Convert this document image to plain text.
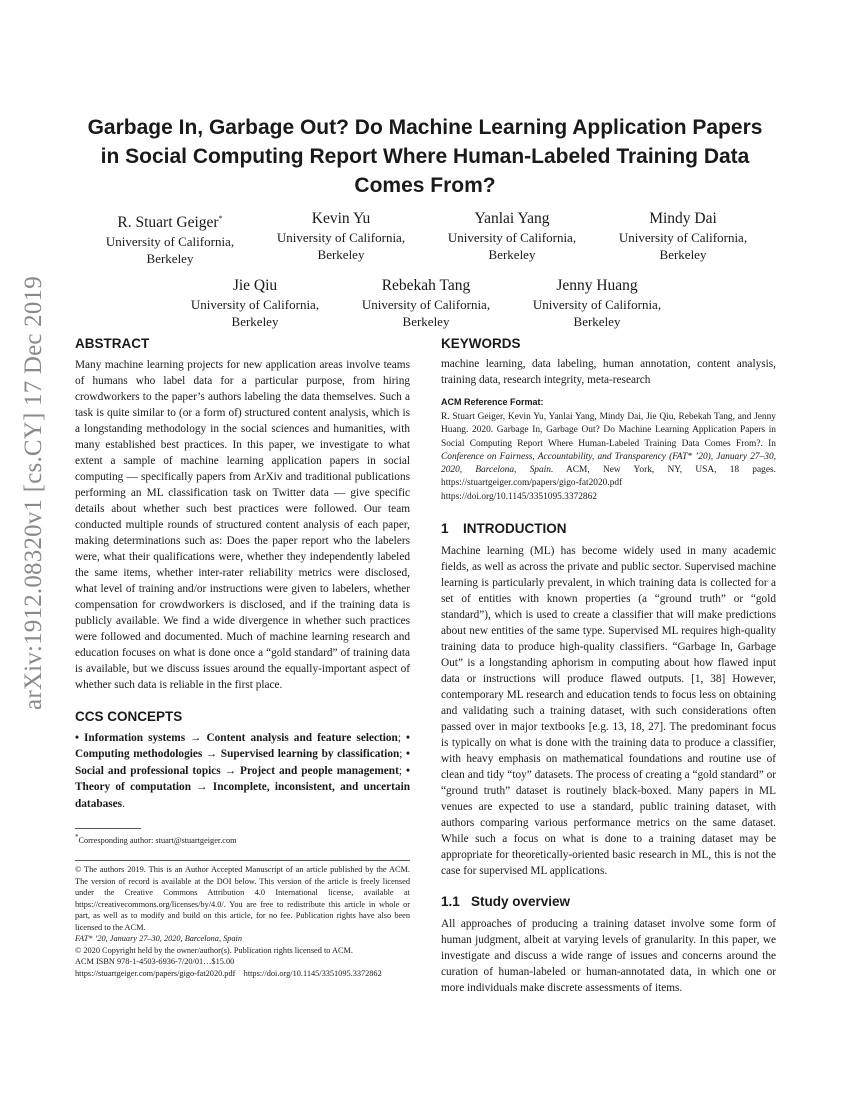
arXiv:1912.08320v1 [cs.CY] 17 Dec 2019
Garbage In, Garbage Out? Do Machine Learning Application Papers in Social Computing Report Where Human-Labeled Training Data Comes From?
R. Stuart Geiger*
University of California, Berkeley
Kevin Yu
University of California, Berkeley
Yanlai Yang
University of California, Berkeley
Mindy Dai
University of California, Berkeley
Jie Qiu
University of California, Berkeley
Rebekah Tang
University of California, Berkeley
Jenny Huang
University of California, Berkeley
ABSTRACT

Many machine learning projects for new application areas involve teams of humans who label data for a particular purpose, from hiring crowdworkers to the paper’s authors labeling the data themselves. Such a task is quite similar to (or a form of) structured content analysis, which is a longstanding methodology in the social sciences and humanities, with many established best practices. In this paper, we investigate to what extent a sample of machine learning application papers in social computing — specifically papers from ArXiv and traditional publications performing an ML classification task on Twitter data — give specific details about whether such best practices were followed. Our team conducted multiple rounds of structured content analysis of each paper, making determinations such as: Does the paper report who the labelers were, what their qualifications were, whether they independently labeled the same items, whether inter-rater reliability metrics were disclosed, what level of training and/or instructions were given to labelers, whether compensation for crowdworkers is disclosed, and if the training data is publicly available. We find a wide divergence in whether such practices were followed and documented. Much of machine learning research and education focuses on what is done once a “gold standard” of training data is available, but we discuss issues around the equally-important aspect of whether such data is reliable in the first place.

CCS CONCEPTS

• Information systems → Content analysis and feature selection; • Computing methodologies → Supervised learning by classification; • Social and professional topics → Project and people management; • Theory of computation → Incomplete, inconsistent, and uncertain databases.

*Corresponding author: stuart@stuartgeiger.com

© The authors 2019. This is an Author Accepted Manuscript of an article published by the ACM. The version of record is available at the DOI below. This version of the article is freely licensed under the Creative Commons Attribution 4.0 International license, available at https://creativecommons.org/licenses/by/4.0/. You are free to redistribute this article in whole or part, as well as to modify and build on this article, for no fee. Publication rights have also been licensed to the ACM.

FAT* ’20, January 27–30, 2020, Barcelona, Spain

© 2020 Copyright held by the owner/author(s). Publication rights licensed to ACM.

ACM ISBN 978-1-4503-6936-7/20/01…$15.00

https://stuartgeiger.com/papers/gigo-fat2020.pdf https://doi.org/10.1145/3351095.3372862

KEYWORDS

machine learning, data labeling, human annotation, content analysis, training data, research integrity, meta-research

ACM Reference Format:

R. Stuart Geiger, Kevin Yu, Yanlai Yang, Mindy Dai, Jie Qiu, Rebekah Tang, and Jenny Huang. 2020. Garbage In, Garbage Out? Do Machine Learning Application Papers in Social Computing Report Where Human-Labeled Training Data Comes From?. In Conference on Fairness, Accountability, and Transparency (FAT* ’20), January 27–30, 2020, Barcelona, Spain. ACM, New York, NY, USA, 18 pages. https://stuartgeiger.com/papers/gigo-fat2020.pdf https://doi.org/10.1145/3351095.3372862

1 INTRODUCTION

Machine learning (ML) has become widely used in many academic fields, as well as across the private and public sector. Supervised machine learning is particularly prevalent, in which training data is collected for a set of entities with known properties (a “ground truth” or “gold standard”), which is used to create a classifier that will make predictions about new entities of the same type. Supervised ML requires high-quality training data to produce high-quality classifiers. “Garbage In, Garbage Out” is a longstanding aphorism in computing about how flawed input data or instructions will produce flawed outputs. [1, 38] However, contemporary ML research and education tends to focus less on obtaining and validating such a training dataset, with such considerations often passed over in major textbooks [e.g. 13, 18, 27]. The predominant focus is typically on what is done with the training data to produce a classifier, with heavy emphasis on mathematical foundations and routine use of clean and tidy “toy” datasets. The process of creating a “gold standard” or “ground truth” dataset is routinely black-boxed. Many papers in ML venues are expected to use a standard, public training dataset, with authors comparing various performance metrics on the same dataset. While such a focus on what is done to a training dataset may be appropriate for theoretically-oriented basic research in ML, this is not the case for supervised ML applications.

1.1 Study overview

All approaches of producing a training dataset involve some form of human judgment, albeit at varying levels of granularity. In this paper, we investigate and discuss a wide range of issues and concerns around the curation of human-labeled or human-annotated data, in which one or more individuals make discrete assessments of items.
